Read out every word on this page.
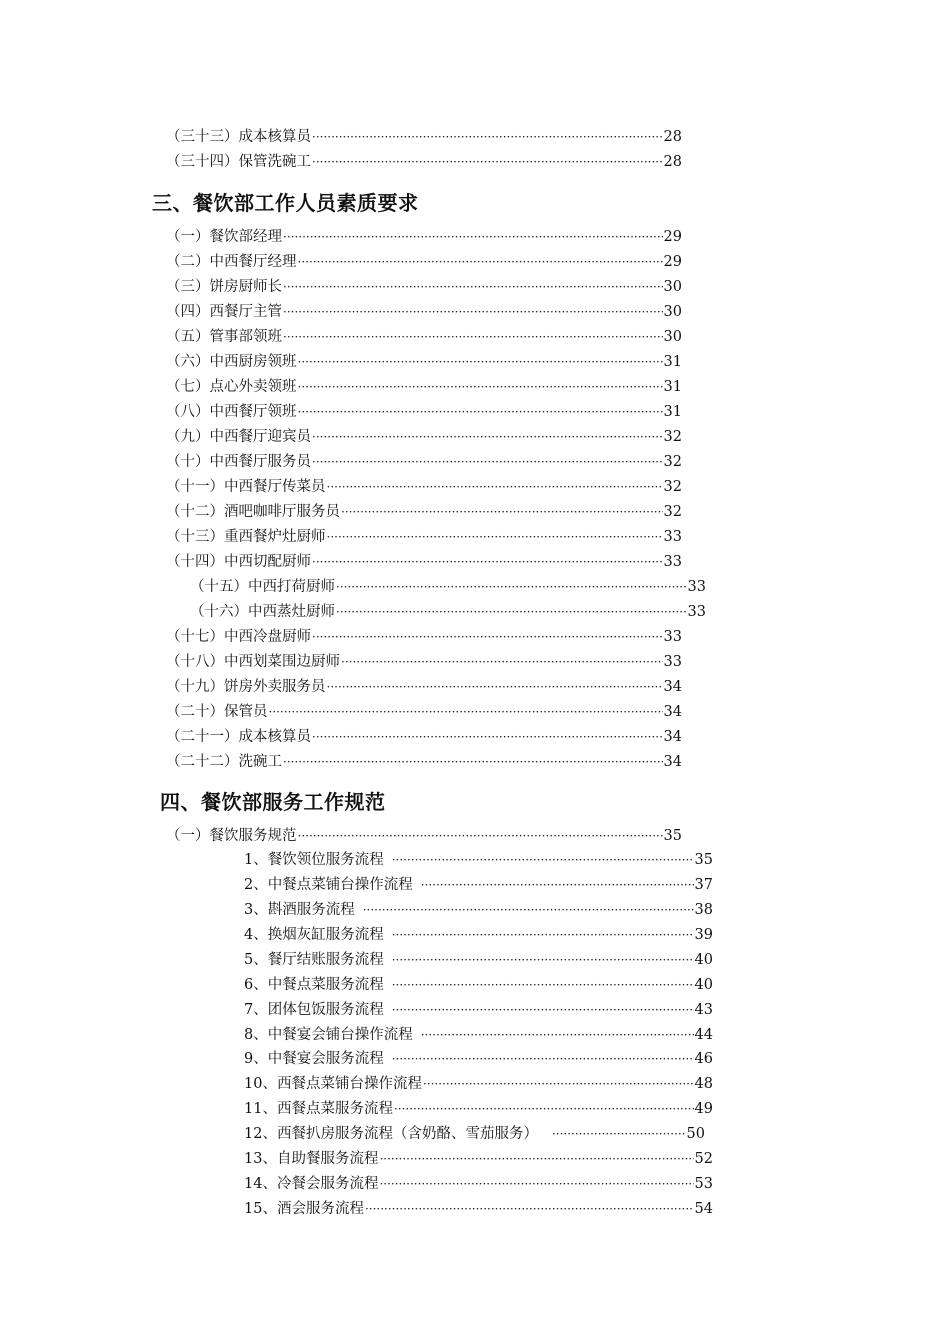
（三十三）成本核算员 ·····	28
（三十四）保管洗碗工 ·····	28
三、餐饮部工作人员素质要求
（一）餐饮部经理 ·····	29
（二）中西餐厅经理 ·····	29
（三）饼房厨师长 ·····	30
（四）西餐厅主管 ·····	30
（五）管事部领班 ·····	30
（六）中西厨房领班 ·····	31
（七）点心外卖领班 ·····	31
（八）中西餐厅领班 ·····	31
（九）中西餐厅迎宾员 ·····	32
（十）中西餐厅服务员 ·····	32
（十一）中西餐厅传菜员 ·····	32
（十二）酒吧咖啡厅服务员 ·····	32
（十三）重西餐炉灶厨师 ·····	33
（十四）中西切配厨师 ·····	33
（十五）中西打荷厨师 ·····	33
（十六）中西蒸灶厨师 ·····	33
（十七）中西冷盘厨师 ·····	33
（十八）中西划菜围边厨师 ·····	33
（十九）饼房外卖服务员 ·····	34
（二十）保管员 ·····	34
（二十一）成本核算员 ·····	34
（二十二）洗碗工 ·····	34
四、餐饮部服务工作规范
（一）餐饮服务规范 ·····	35
1、餐饮领位服务流程 ·····	35
2、中餐点菜铺台操作流程 ·····	37
3、斟酒服务流程 ·····	38
4、换烟灰缸服务流程 ·····	39
5、餐厅结账服务流程 ·····	40
6、中餐点菜服务流程 ·····	40
7、团体包饭服务流程 ·····	43
8、中餐宴会铺台操作流程 ·····	44
9、中餐宴会服务流程 ·····	46
10、西餐点菜铺台操作流程 ·····	48
11、西餐点菜服务流程 ·····	49
12、西餐扒房服务流程（含奶酪、雪茄服务） ·····	50
13、自助餐服务流程 ·····	52
14、冷餐会服务流程 ·····	53
15、酒会服务流程 ·····	54
